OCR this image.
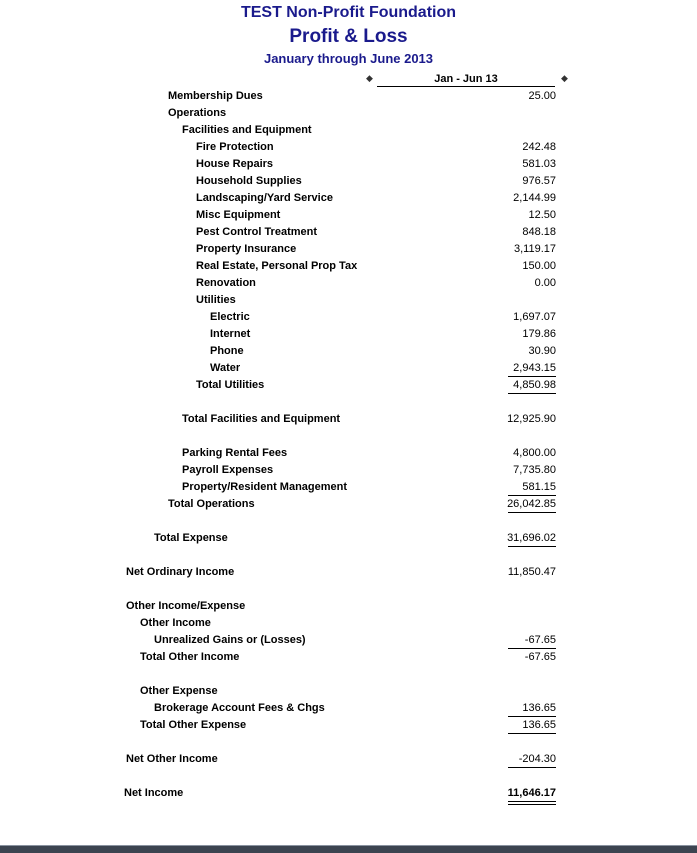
TEST Non-Profit Foundation
Profit & Loss
January through June 2013
◆	Jan - Jun 13	◆
Membership Dues	25.00
Operations
Facilities and Equipment
Fire Protection	242.48
House Repairs	581.03
Household Supplies	976.57
Landscaping/Yard Service	2,144.99
Misc Equipment	12.50
Pest Control Treatment	848.18
Property Insurance	3,119.17
Real Estate, Personal Prop Tax	150.00
Renovation	0.00
Utilities
Electric	1,697.07
Internet	179.86
Phone	30.90
Water	2,943.15
Total Utilities	4,850.98
Total Facilities and Equipment	12,925.90
Parking Rental Fees	4,800.00
Payroll Expenses	7,735.80
Property/Resident Management	581.15
Total Operations	26,042.85
Total Expense	31,696.02
Net Ordinary Income	11,850.47
Other Income/Expense
Other Income
Unrealized Gains or (Losses)	-67.65
Total Other Income	-67.65
Other Expense
Brokerage Account Fees & Chgs	136.65
Total Other Expense	136.65
Net Other Income	-204.30
Net Income	11,646.17
